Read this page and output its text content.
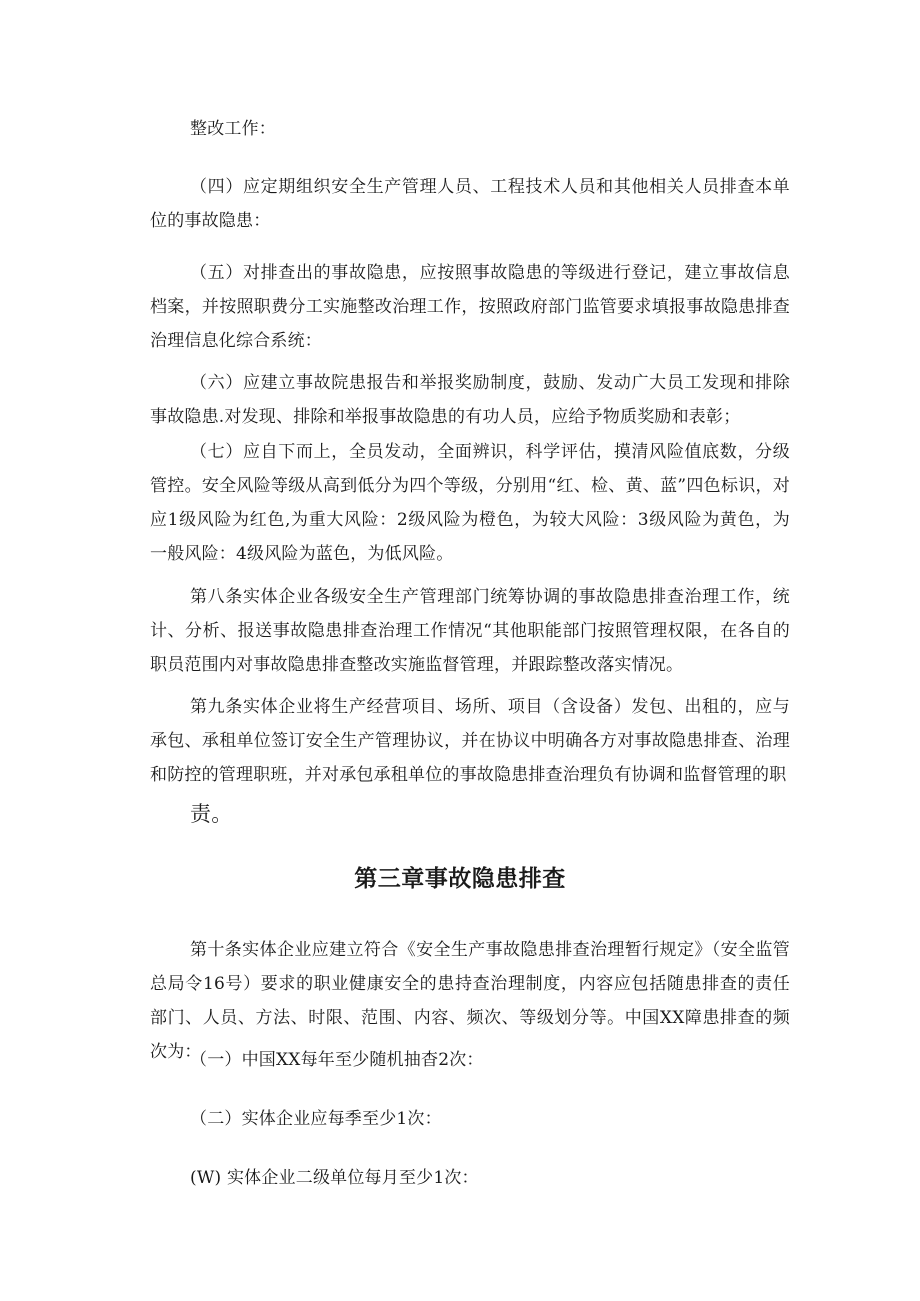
整改工作：

（四）应定期组织安全生产管理人员、工程技术人员和其他相关人员排查本单位的事故隐患：

（五）对排查出的事故隐患，应按照事故隐患的等级进行登记，建立事故信息档案，并按照职费分工实施整改治理工作，按照政府部门监管要求填报事故隐患排查治理信息化综合系统：

（六）应建立事故院患报告和举报奖励制度，鼓励、发动广大员工发现和排除事故隐患.对发现、排除和举报事故隐患的有功人员，应给予物质奖励和表彰；

（七）应自下而上，全员发动，全面辨识，科学评估，摸清风险值底数，分级管控。安全风险等级从高到低分为四个等级，分别用“红、检、黄、蓝”四色标识，对应1级风险为红色,为重大风险：2级风险为橙色，为较大风险：3级风险为黄色，为一般风险：4级风险为蓝色，为低风险。

第八条实体企业各级安全生产管理部门统筹协调的事故隐患排查治理工作，统计、分析、报送事故隐患排查治理工作情况“其他职能部门按照管理权限，在各自的职员范围内对事故隐患排查整改实施监督管理，并跟踪整改落实情况。

第九条实体企业将生产经营项目、场所、项目（含设备）发包、出租的，应与承包、承租单位签订安全生产管理协议，并在协议中明确各方对事故隐患排查、治理和防控的管理职班，并对承包承租单位的事故隐患排查治理负有协调和监督管理的职

责。

第三章事故隐患排查

第十条实体企业应建立符合《安全生产事故隐患排查治理暂行规定》（安全监管总局令16号）要求的职业健康安全的患持查治理制度，内容应包括随患排查的责任部门、人员、方法、时限、范围、内容、频次、等级划分等。中国XX障患排查的频次为：

（一）中国XX每年至少随机抽杳2次：

（二）实体企业应每季至少1次：

(W) 实体企业二级单位每月至少1次：
